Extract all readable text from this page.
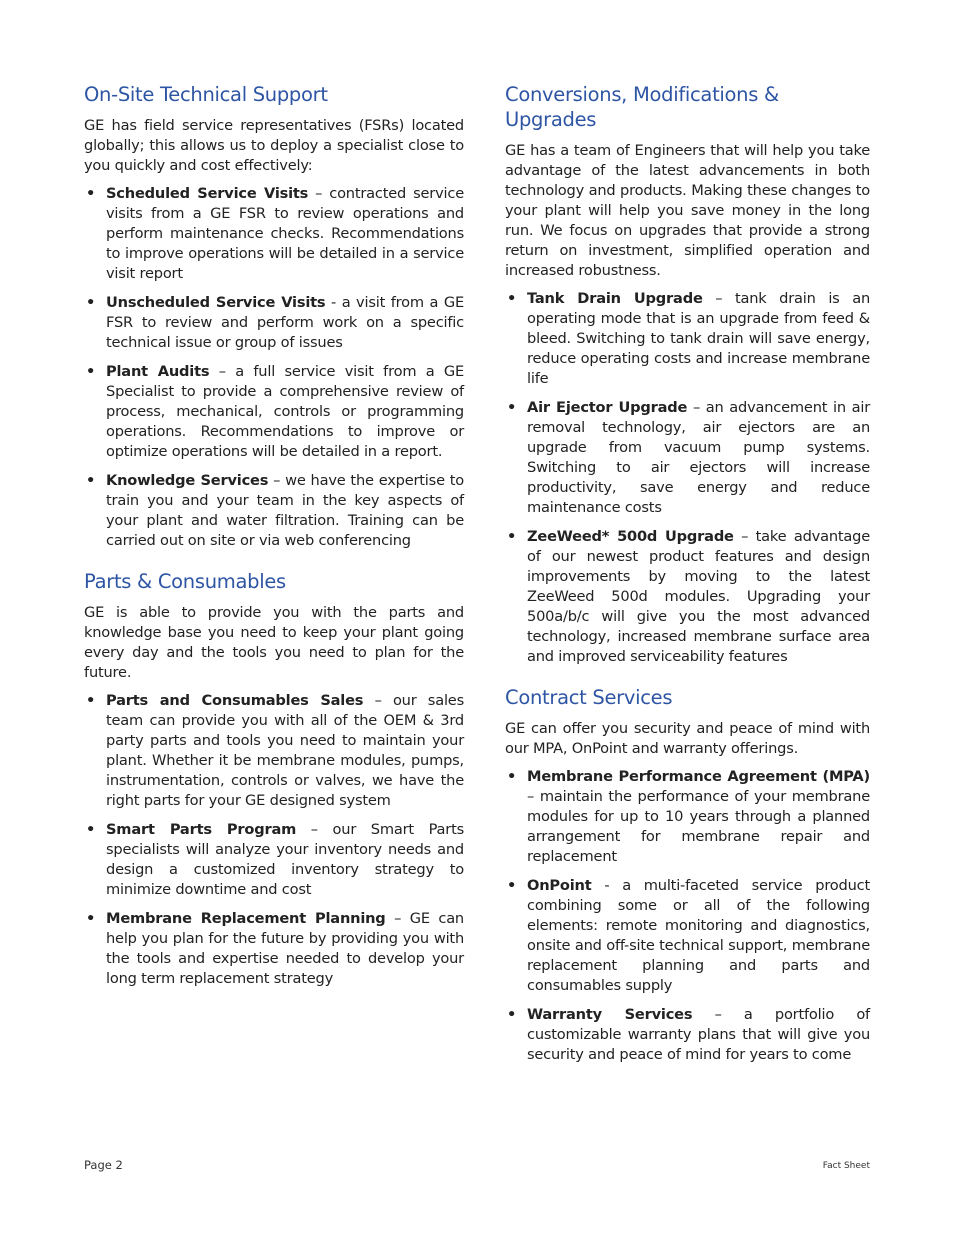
On-Site Technical Support

GE has field service representatives (FSRs) located globally; this allows us to deploy a specialist close to you quickly and cost effectively:

• Scheduled Service Visits – contracted service visits from a GE FSR to review operations and perform maintenance checks. Recommendations to improve operations will be detailed in a service visit report
• Unscheduled Service Visits - a visit from a GE FSR to review and perform work on a specific technical issue or group of issues
• Plant Audits – a full service visit from a GE Specialist to provide a comprehensive review of process, mechanical, controls or programming operations. Recommendations to improve or optimize operations will be detailed in a report.
• Knowledge Services – we have the expertise to train you and your team in the key aspects of your plant and water filtration. Training can be carried out on site or via web conferencing
Parts & Consumables

GE is able to provide you with the parts and knowledge base you need to keep your plant going every day and the tools you need to plan for the future.

• Parts and Consumables Sales – our sales team can provide you with all of the OEM & 3rd party parts and tools you need to maintain your plant. Whether it be membrane modules, pumps, instrumentation, controls or valves, we have the right parts for your GE designed system
• Smart Parts Program – our Smart Parts specialists will analyze your inventory needs and design a customized inventory strategy to minimize downtime and cost
• Membrane Replacement Planning – GE can help you plan for the future by providing you with the tools and expertise needed to develop your long term replacement strategy
Conversions, Modifications & Upgrades

GE has a team of Engineers that will help you take advantage of the latest advancements in both technology and products. Making these changes to your plant will help you save money in the long run. We focus on upgrades that provide a strong return on investment, simplified operation and increased robustness.

• Tank Drain Upgrade – tank drain is an operating mode that is an upgrade from feed & bleed. Switching to tank drain will save energy, reduce operating costs and increase membrane life
• Air Ejector Upgrade – an advancement in air removal technology, air ejectors are an upgrade from vacuum pump systems. Switching to air ejectors will increase productivity, save energy and reduce maintenance costs
• ZeeWeed* 500d Upgrade – take advantage of our newest product features and design improvements by moving to the latest ZeeWeed 500d modules. Upgrading your 500a/b/c will give you the most advanced technology, increased membrane surface area and improved serviceability features
Contract Services

GE can offer you security and peace of mind with our MPA, OnPoint and warranty offerings.

• Membrane Performance Agreement (MPA) – maintain the performance of your membrane modules for up to 10 years through a planned arrangement for membrane repair and replacement
• OnPoint - a multi-faceted service product combining some or all of the following elements: remote monitoring and diagnostics, onsite and off-site technical support, membrane replacement planning and parts and consumables supply
• Warranty Services – a portfolio of customizable warranty plans that will give you security and peace of mind for years to come
Page 2	Fact Sheet
